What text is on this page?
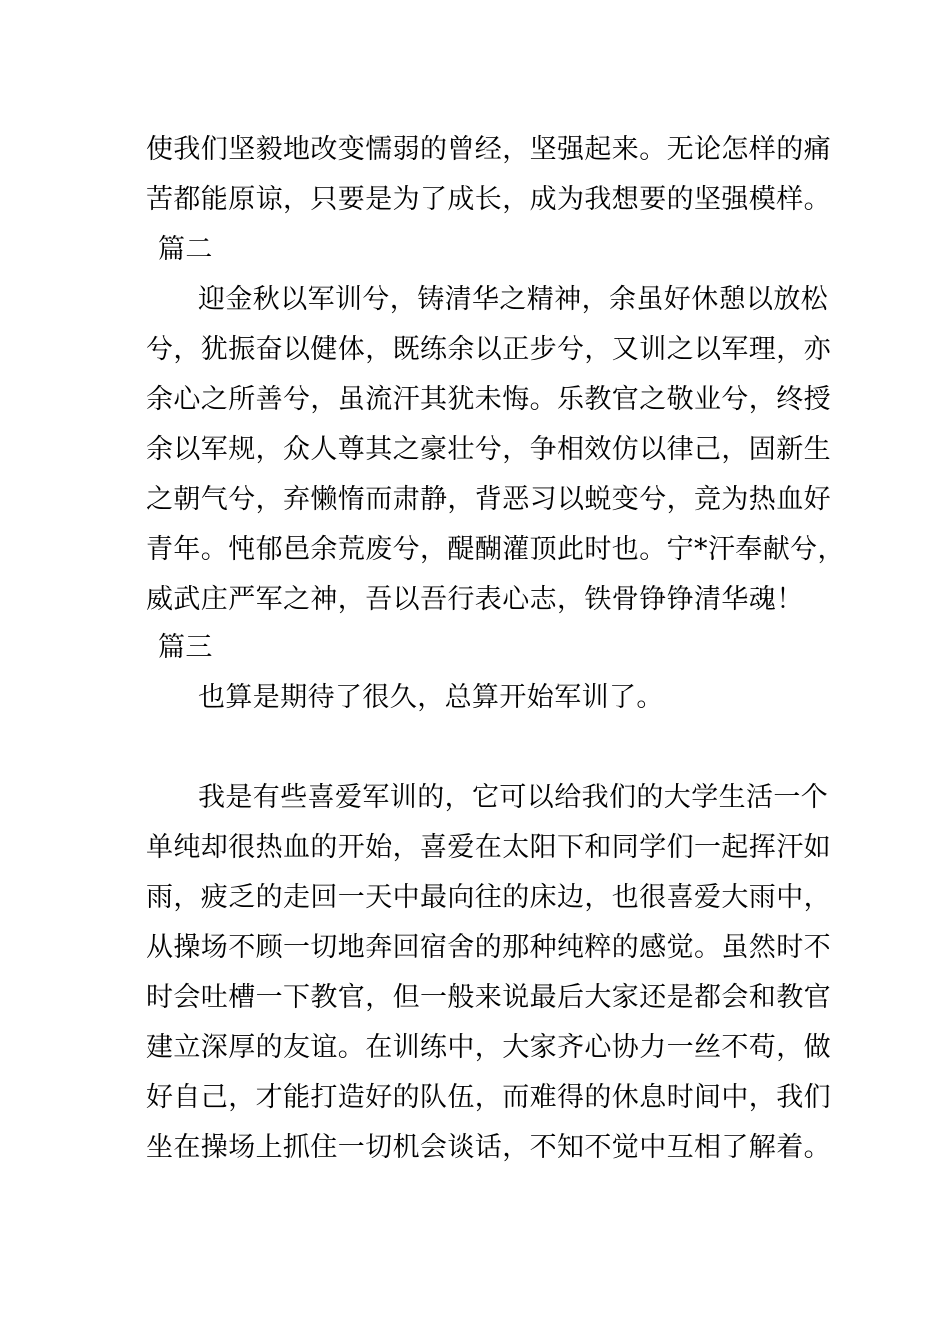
使我们坚毅地改变懦弱的曾经，坚强起来。无论怎样的痛
苦都能原谅，只要是为了成长，成为我想要的坚强模样。
篇二
迎金秋以军训兮，铸清华之精神，余虽好休憩以放松
兮，犹振奋以健体，既练余以正步兮，又训之以军理，亦
余心之所善兮，虽流汗其犹未悔。乐教官之敬业兮，终授
余以军规，众人尊其之豪壮兮，争相效仿以律己，固新生
之朝气兮，弃懒惰而肃静，背恶习以蜕变兮，竞为热血好
青年。忳郁邑余荒废兮，醍醐灌顶此时也。宁*汗奉献兮，
威武庄严军之神，吾以吾行表心志，铁骨铮铮清华魂！
篇三
也算是期待了很久，总算开始军训了。
我是有些喜爱军训的，它可以给我们的大学生活一个
单纯却很热血的开始，喜爱在太阳下和同学们一起挥汗如
雨，疲乏的走回一天中最向往的床边，也很喜爱大雨中，
从操场不顾一切地奔回宿舍的那种纯粹的感觉。虽然时不
时会吐槽一下教官，但一般来说最后大家还是都会和教官
建立深厚的友谊。在训练中，大家齐心协力一丝不苟，做
好自己，才能打造好的队伍，而难得的休息时间中，我们
坐在操场上抓住一切机会谈话，不知不觉中互相了解着。
